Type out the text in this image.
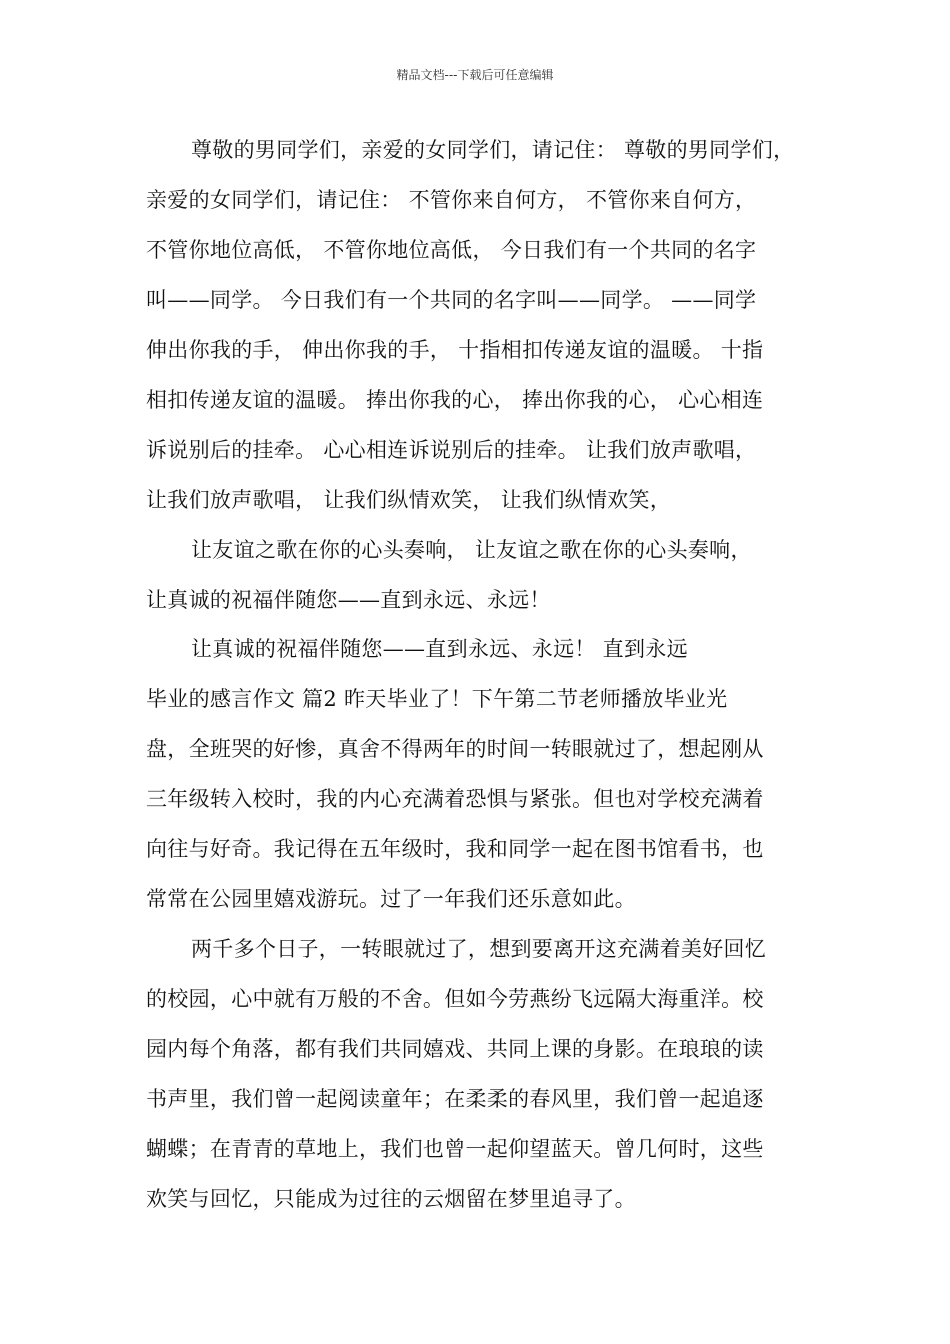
精品文档---下载后可任意编辑
尊敬的男同学们，亲爱的女同学们，请记住： 尊敬的男同学们，
亲爱的女同学们，请记住： 不管你来自何方， 不管你来自何方，
不管你地位高低， 不管你地位高低， 今日我们有一个共同的名字
叫——同学。 今日我们有一个共同的名字叫——同学。 ——同学
伸出你我的手， 伸出你我的手， 十指相扣传递友谊的温暖。 十指
相扣传递友谊的温暖。 捧出你我的心， 捧出你我的心， 心心相连
诉说别后的挂牵。 心心相连诉说别后的挂牵。 让我们放声歌唱，
让我们放声歌唱， 让我们纵情欢笑， 让我们纵情欢笑，
让友谊之歌在你的心头奏响， 让友谊之歌在你的心头奏响，
让真诚的祝福伴随您——直到永远、永远！
让真诚的祝福伴随您——直到永远、永远！ 直到永远
毕业的感言作文 篇2 昨天毕业了！下午第二节老师播放毕业光
盘，全班哭的好惨，真舍不得两年的时间一转眼就过了，想起刚从
三年级转入校时，我的内心充满着恐惧与紧张。但也对学校充满着
向往与好奇。我记得在五年级时，我和同学一起在图书馆看书，也
常常在公园里嬉戏游玩。过了一年我们还乐意如此。
两千多个日子，一转眼就过了，想到要离开这充满着美好回忆
的校园，心中就有万般的不舍。但如今劳燕纷飞远隔大海重洋。校
园内每个角落，都有我们共同嬉戏、共同上课的身影。在琅琅的读
书声里，我们曾一起阅读童年；在柔柔的春风里，我们曾一起追逐
蝴蝶；在青青的草地上，我们也曾一起仰望蓝天。曾几何时，这些
欢笑与回忆，只能成为过往的云烟留在梦里追寻了。
